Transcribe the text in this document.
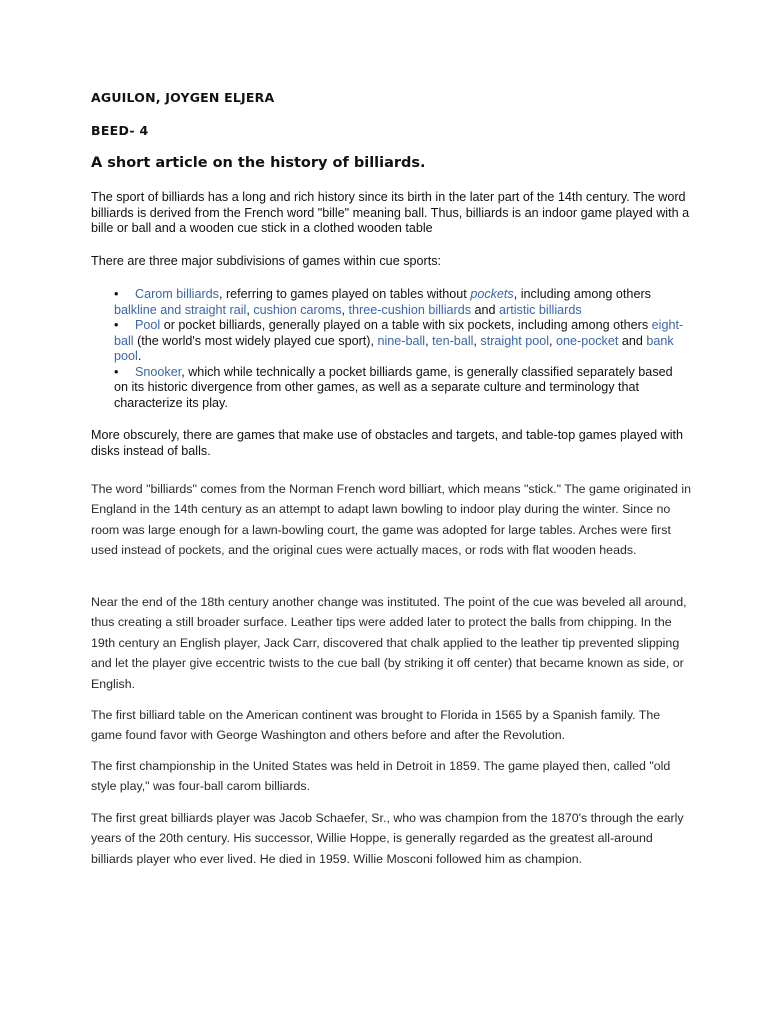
AGUILON, JOYGEN ELJERA
BEED- 4
A short article on the history of billiards.

The sport of billiards has a long and rich history since its birth in the later part of the 14th century. The word billiards is derived from the French word "bille" meaning ball. Thus, billiards is an indoor game played with a bille or ball and a wooden cue stick in a clothed wooden table

There are three major subdivisions of games within cue sports:

• Carom billiards, referring to games played on tables without pockets, including among others balkline and straight rail, cushion caroms, three-cushion billiards and artistic billiards
• Pool or pocket billiards, generally played on a table with six pockets, including among others eight-ball (the world's most widely played cue sport), nine-ball, ten-ball, straight pool, one-pocket and bank pool.
• Snooker, which while technically a pocket billiards game, is generally classified separately based on its historic divergence from other games, as well as a separate culture and terminology that characterize its play.

More obscurely, there are games that make use of obstacles and targets, and table-top games played with disks instead of balls.

The word "billiards" comes from the Norman French word billiart, which means "stick." The game originated in England in the 14th century as an attempt to adapt lawn bowling to indoor play during the winter. Since no room was large enough for a lawn-bowling court, the game was adopted for large tables. Arches were first used instead of pockets, and the original cues were actually maces, or rods with flat wooden heads.

Near the end of the 18th century another change was instituted. The point of the cue was beveled all around, thus creating a still broader surface. Leather tips were added later to protect the balls from chipping. In the 19th century an English player, Jack Carr, discovered that chalk applied to the leather tip prevented slipping and let the player give eccentric twists to the cue ball (by striking it off center) that became known as side, or English.

The first billiard table on the American continent was brought to Florida in 1565 by a Spanish family. The game found favor with George Washington and others before and after the Revolution.

The first championship in the United States was held in Detroit in 1859. The game played then, called "old style play," was four-ball carom billiards.

The first great billiards player was Jacob Schaefer, Sr., who was champion from the 1870's through the early years of the 20th century. His successor, Willie Hoppe, is generally regarded as the greatest all-around billiards player who ever lived. He died in 1959. Willie Mosconi followed him as champion.
